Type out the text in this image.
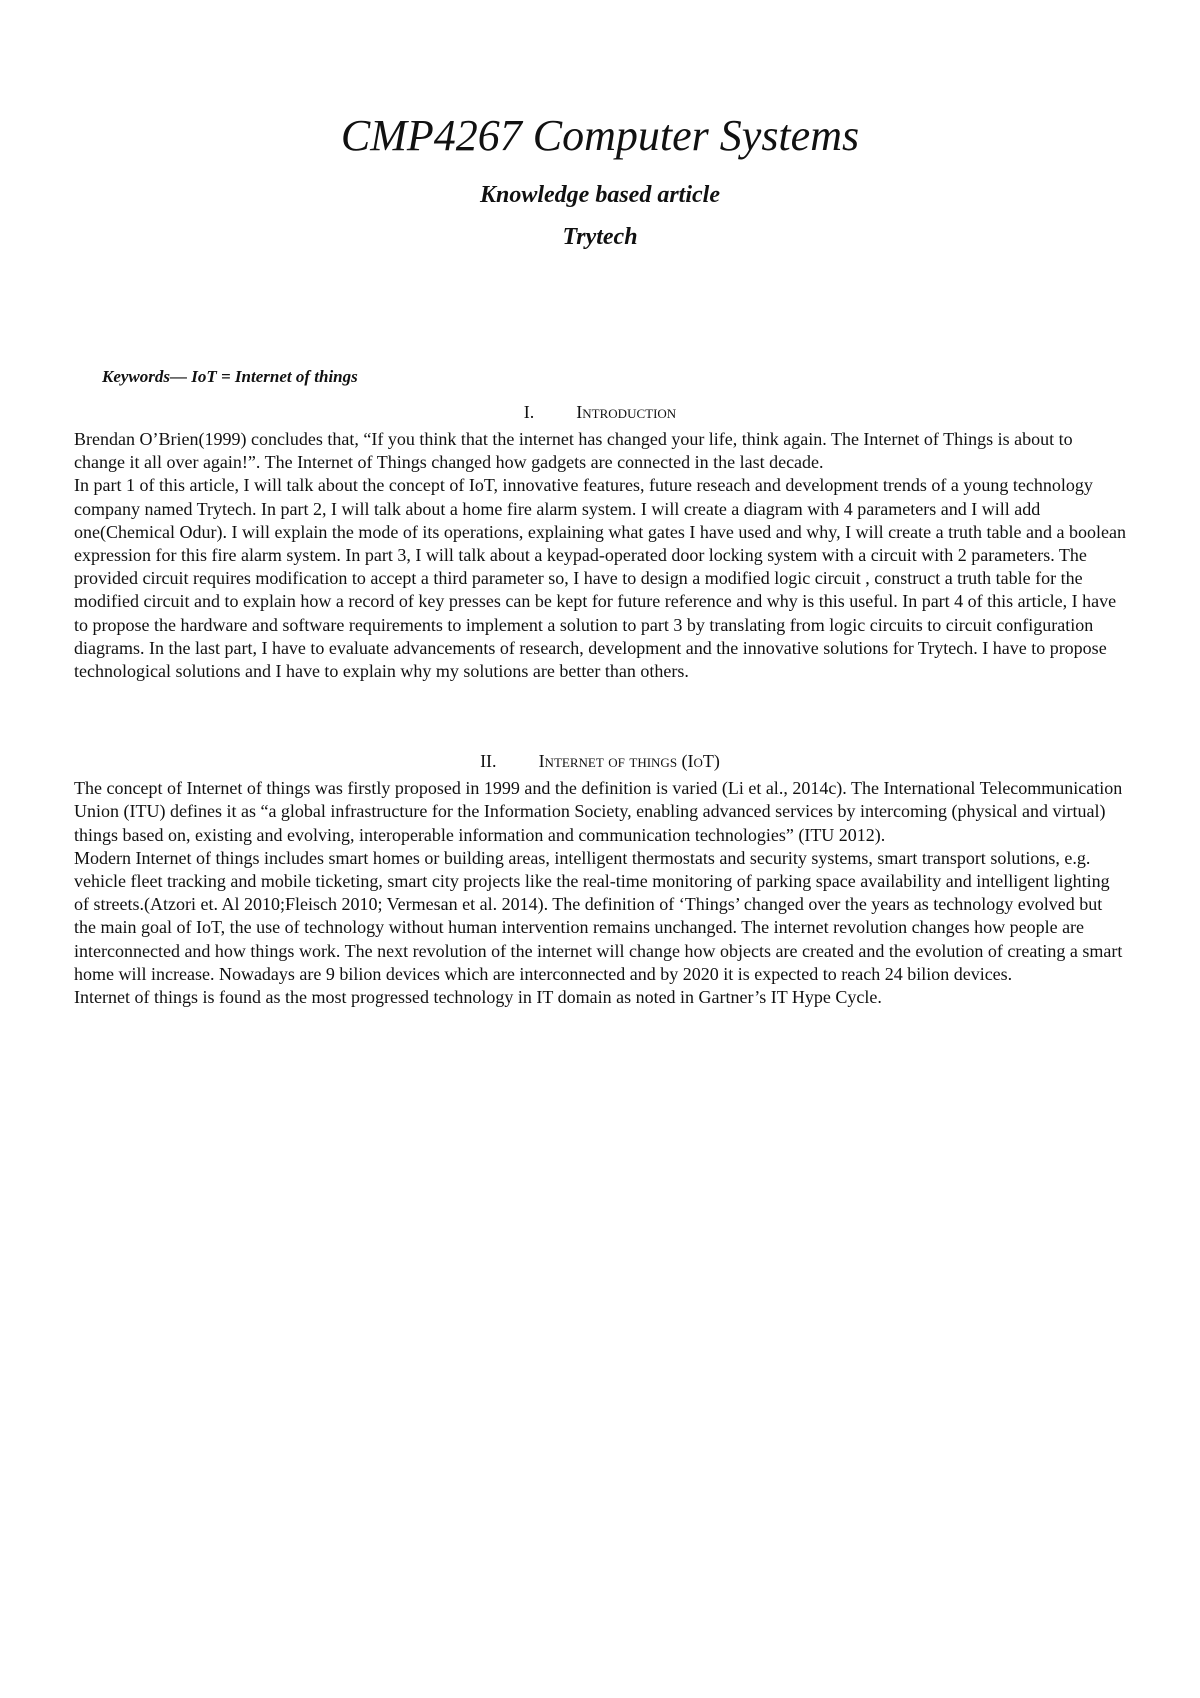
CMP4267 Computer Systems
Knowledge based article
Trytech

Keywords— IoT = Internet of things

I. Introduction

Brendan O’Brien(1999) concludes that, “If you think that the internet has changed your life, think again. The Internet of Things is about to change it all over again!”. The Internet of Things changed how gadgets are connected in the last decade.

In part 1 of this article, I will talk about the concept of IoT, innovative features, future reseach and development trends of a young technology company named Trytech. In part 2, I will talk about a home fire alarm system. I will create a diagram with 4 parameters and I will add one(Chemical Odur). I will explain the mode of its operations, explaining what gates I have used and why, I will create a truth table and a boolean expression for this fire alarm system. In part 3, I will talk about a keypad-operated door locking system with a circuit with 2 parameters. The provided circuit requires modification to accept a third parameter so, I have to design a modified logic circuit , construct a truth table for the modified circuit and to explain how a record of key presses can be kept for future reference and why is this useful. In part 4 of this article, I have to propose the hardware and software requirements to implement a solution to part 3 by translating from logic circuits to circuit configuration diagrams. In the last part, I have to evaluate advancements of research, development and the innovative solutions for Trytech. I have to propose technological solutions and I have to explain why my solutions are better than others.

II. Internet of things (IoT)

The concept of Internet of things was firstly proposed in 1999 and the definition is varied (Li et al., 2014c). The International Telecommunication Union (ITU) defines it as “a global infrastructure for the Information Society, enabling advanced services by intercoming (physical and virtual) things based on, existing and evolving, interoperable information and communication technologies” (ITU 2012).

Modern Internet of things includes smart homes or building areas, intelligent thermostats and security systems, smart transport solutions, e.g. vehicle fleet tracking and mobile ticketing, smart city projects like the real-time monitoring of parking space availability and intelligent lighting of streets.(Atzori et. Al 2010;Fleisch 2010; Vermesan et al. 2014). The definition of ‘Things’ changed over the years as technology evolved but the main goal of IoT, the use of technology without human intervention remains unchanged. The internet revolution changes how people are interconnected and how things work. The next revolution of the internet will change how objects are created and the evolution of creating a smart home will increase. Nowadays are 9 bilion devices which are interconnected and by 2020 it is expected to reach 24 bilion devices.

Internet of things is found as the most progressed technology in IT domain as noted in Gartner’s IT Hype Cycle.
